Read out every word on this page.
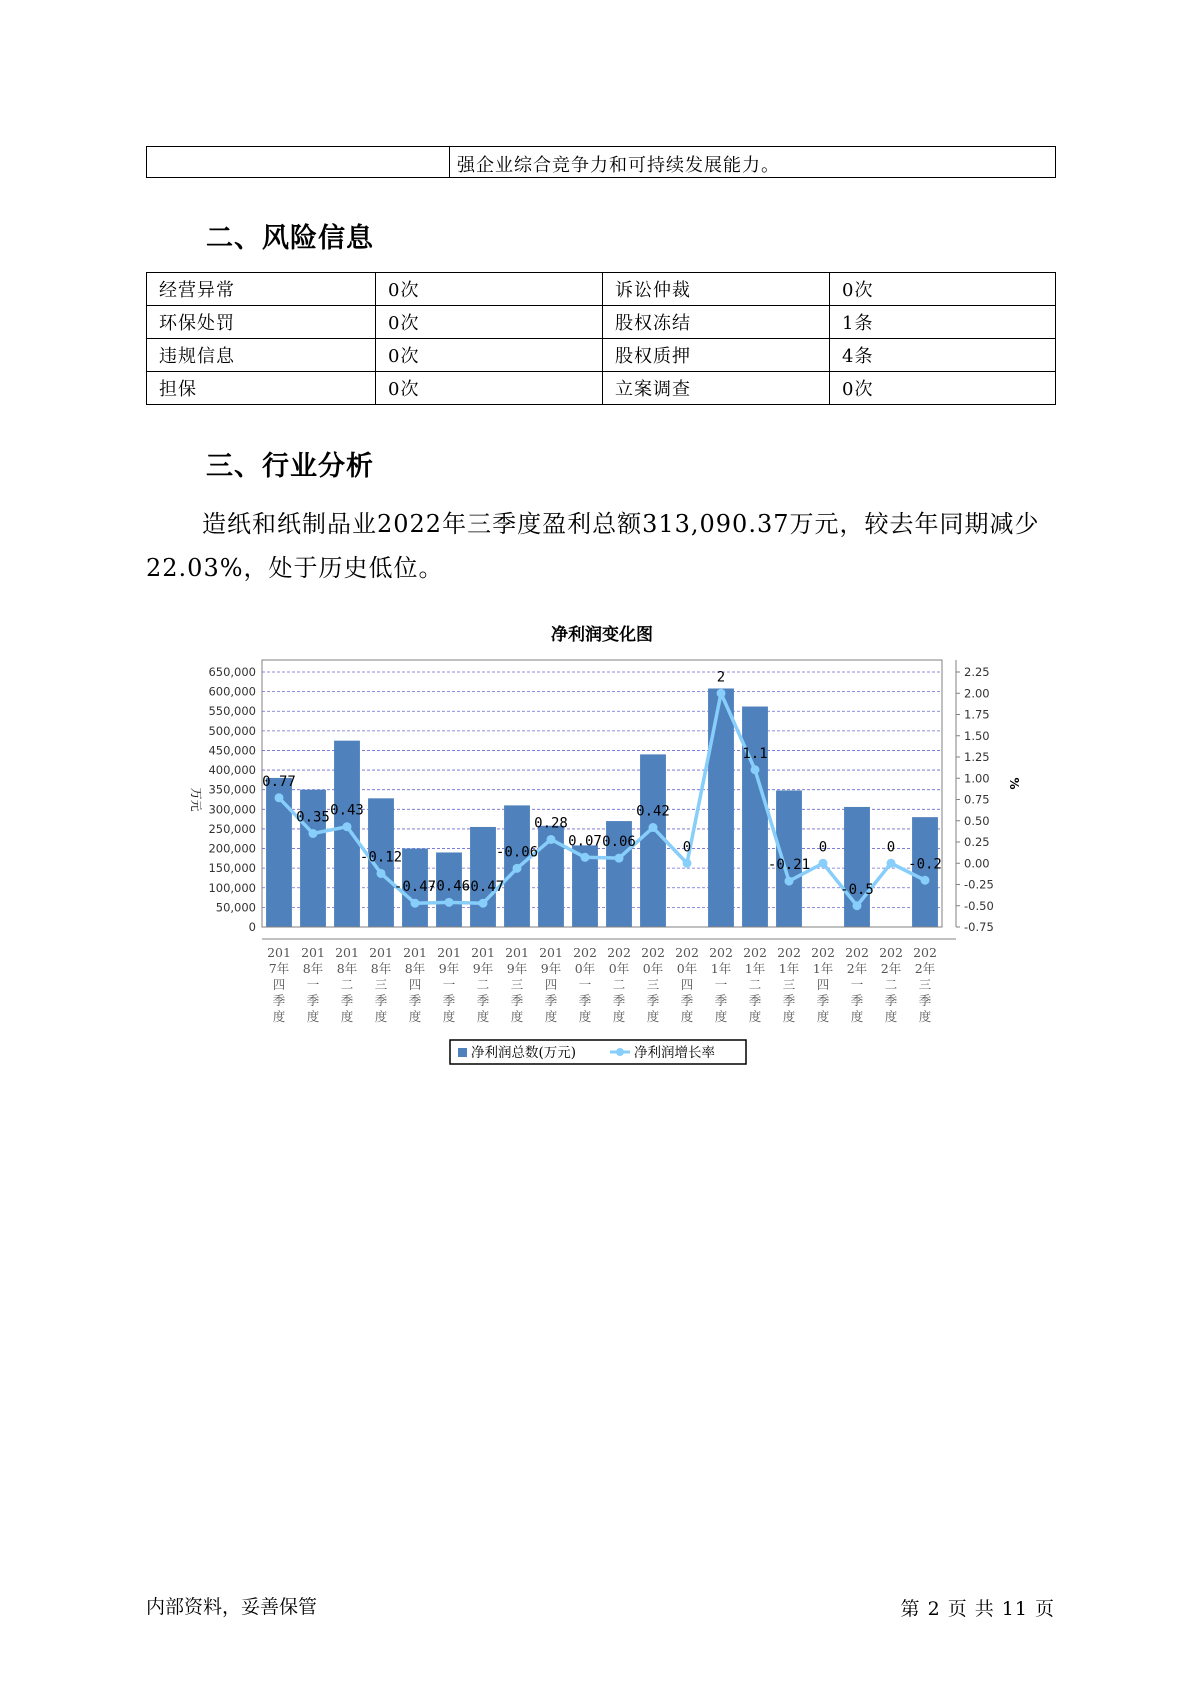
强企业综合竞争力和可持续发展能力。
二、风险信息
经营异常	0次	诉讼仲裁	0次
环保处罚	0次	股权冻结	1条
违规信息	0次	股权质押	4条
担保	0次	立案调查	0次
三、行业分析

造纸和纸制品业2022年三季度盈利总额313,090.37万元，较去年同期减少22.03%，处于历史低位。

净利润变化图
0
50,000
100,000
150,000
200,000
250,000
300,000
350,000
400,000
450,000
500,000
550,000
600,000
650,000
-0.75
-0.50
-0.25
0.00
0.25
0.50
0.75
1.00
1.25
1.50
1.75
2.00
2.25
万元
%
201
7年
四
季
度
201
8年
一
季
度
201
8年
二
季
度
201
8年
三
季
度
201
8年
四
季
度
201
9年
一
季
度
201
9年
二
季
度
201
9年
三
季
度
201
9年
四
季
度
202
0年
一
季
度
202
0年
二
季
度
202
0年
三
季
度
202
0年
四
季
度
202
1年
一
季
度
202
1年
二
季
度
202
1年
三
季
度
202
1年
四
季
度
202
2年
一
季
度
202
2年
二
季
度
202
2年
三
季
度
0.77
0.35 0.43
-0.12
-0.47
-0.46
-0.47
-0.06
0.28
0.07 0.06
0.42
0
2
1.1
-0.21
0
-0.5
0
-0.2
净利润总数(万元)	净利润增长率
内部资料，妥善保管	第 2 页 共 11 页
